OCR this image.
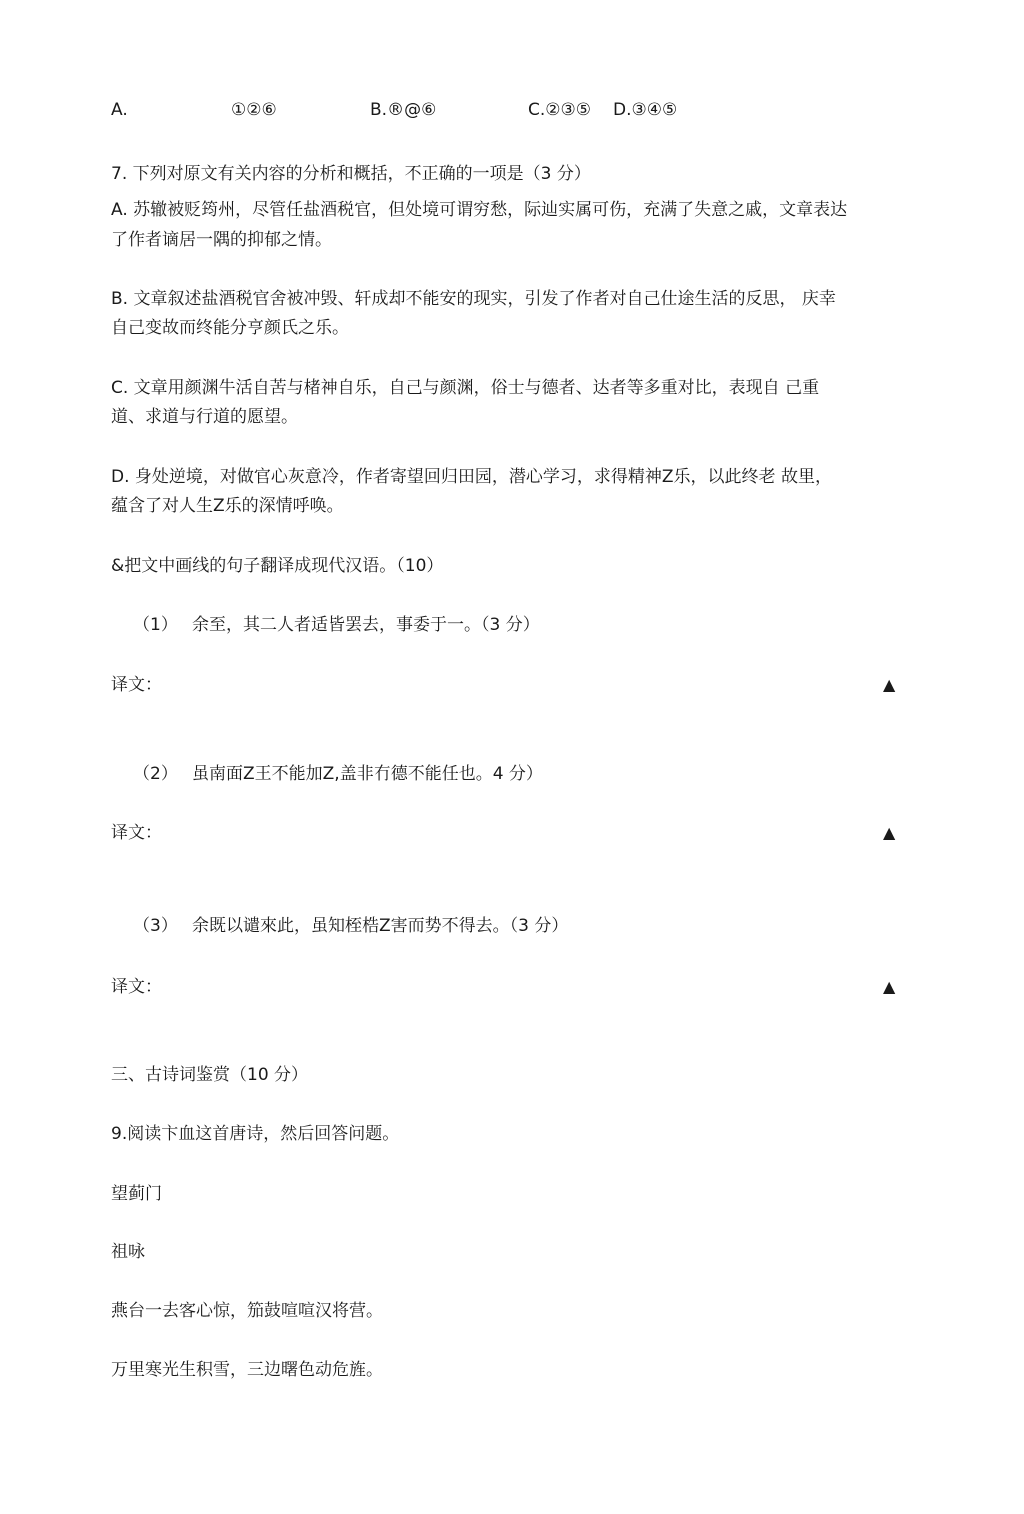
A.	①②⑥	B.®@⑥	C.②③⑤ D.③④⑤
7. 下列对原文有关内容的分析和概括，不正确的一项是（3 分）
A. 苏辙被贬筠州，尽管任盐酒税官，但处境可谓穷愁，际辿实属可伤，充满了失意之戚，文章表达
了作者谪居一隅的抑郁之情。
B. 文章叙述盐酒税官舍被冲毁、轩成却不能安的现实，引发了作者对自己仕途生活的反思， 庆幸
自己变故而终能分亨颜氏之乐。
C. 文章用颜渊牛活自苦与楮神自乐，自己与颜渊，俗士与德者、达者等多重对比，表现自 己重
道、求道与行道的愿望。
D. 身处逆境，对做官心灰意冷，作者寄望回归田园，潜心学习，求得精神Z乐，以此终老 故里，
蕴含了对人生Z乐的深情呼唤。
&把文中画线的句子翻译成现代汉语。（10）
（1） 余至，其二人者适皆罢去，事委于一。（3 分）
译文：	▲
（2） 虽南面Z王不能加Z,盖非冇德不能任也。4 分）
译文：	▲
（3） 余既以谴來此，虽知桎梏Z害而势不得去。（3 分）
译文：	▲
三、古诗词鉴赏（10 分）
9.阅读卞血这首唐诗，然后回答问题。
望蓟门
祖咏
燕台一去客心惊，笳鼓喧喧汉将营。
万里寒光生积雪，三边曙色动危旌。
